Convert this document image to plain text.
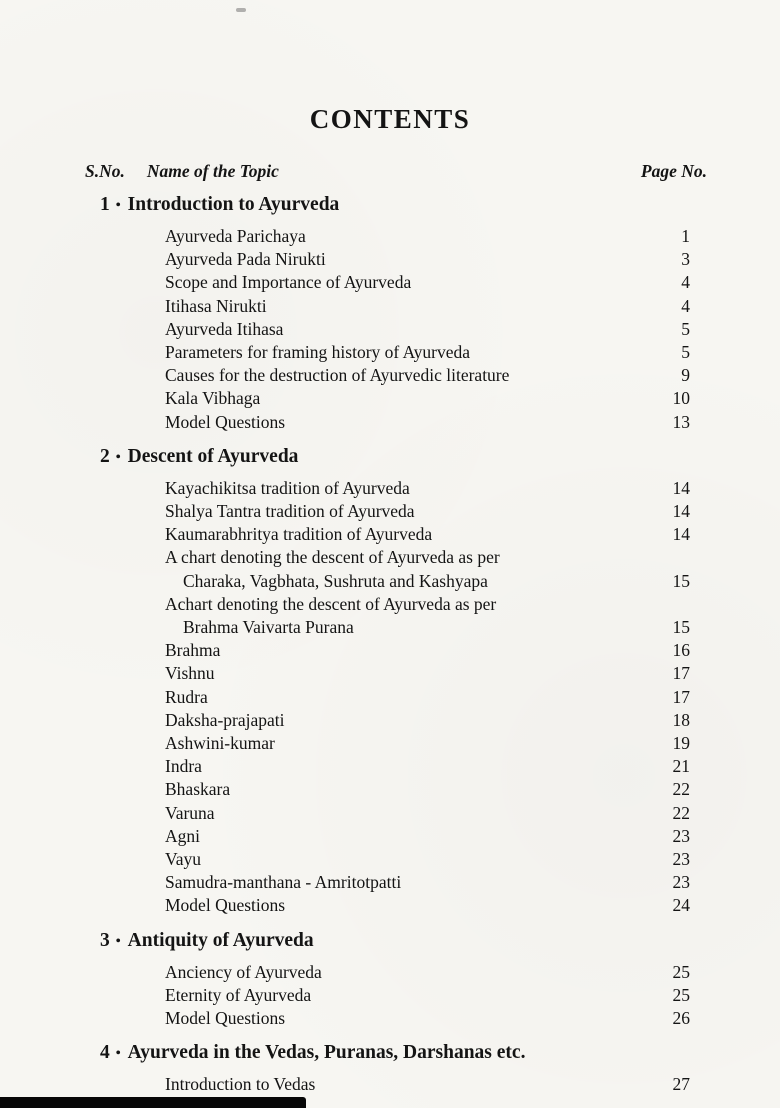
CONTENTS
S.No. Name of the Topic	Page No.
1 • Introduction to Ayurveda
Ayurveda Parichaya	1
Ayurveda Pada Nirukti	3
Scope and Importance of Ayurveda	4
Itihasa Nirukti	4
Ayurveda Itihasa	5
Parameters for framing history of Ayurveda	5
Causes for the destruction of Ayurvedic literature	9
Kala Vibhaga	10
Model Questions	13
2 • Descent of Ayurveda
Kayachikitsa tradition of Ayurveda	14
Shalya Tantra tradition of Ayurveda	14
Kaumarabhritya tradition of Ayurveda	14
A chart denoting the descent of Ayurveda as per
Charaka, Vagbhata, Sushruta and Kashyapa	15
Achart denoting the descent of Ayurveda as per
Brahma Vaivarta Purana	15
Brahma	16
Vishnu	17
Rudra	17
Daksha-prajapati	18
Ashwini-kumar	19
Indra	21
Bhaskara	22
Varuna	22
Agni	23
Vayu	23
Samudra-manthana - Amritotpatti	23
Model Questions	24
3 • Antiquity of Ayurveda
Anciency of Ayurveda	25
Eternity of Ayurveda	25
Model Questions	26
4 • Ayurveda in the Vedas, Puranas, Darshanas etc.
Introduction to Vedas	27
